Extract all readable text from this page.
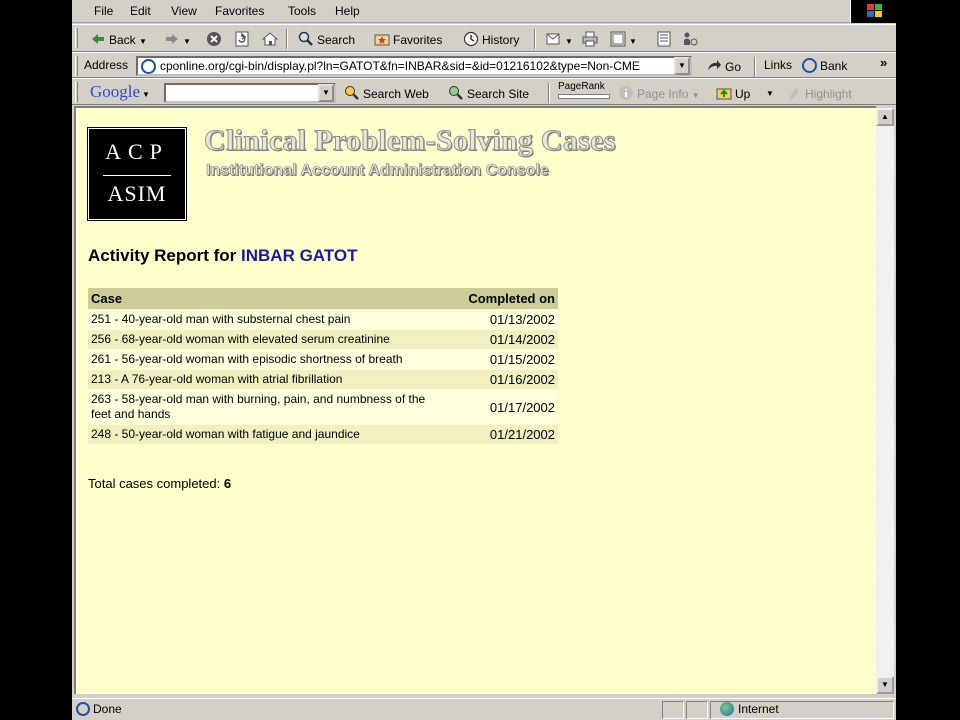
File Edit View Favorites Tools Help
Back ▼	▼	Search	Favorites	History	▼	▼
Address	cponline.org/cgi-bin/display.pl?ln=GATOT&fn=INBAR&sid=&id=01216102&type=Non-CME	▼	Go Links	Bank	»
Google ▼	▼	Search Web	Search Site
PageRank
Page Info ▼	Up ▼	Highlight
ACP
ASIM
Clinical Problem-Solving Cases
Institutional Account Administration Console
Activity Report for INBAR GATOT
Case	Completed on
251 - 40-year-old man with substernal chest pain	01/13/2002
256 - 68-year-old woman with elevated serum creatinine	01/14/2002
261 - 56-year-old woman with episodic shortness of breath	01/15/2002
213 - A 76-year-old woman with atrial fibrillation	01/16/2002
263 - 58-year-old man with burning, pain, and numbness of the feet and hands	01/17/2002
248 - 50-year-old woman with fatigue and jaundice	01/21/2002
Total cases completed: 6
▲
▼
Done	Internet
